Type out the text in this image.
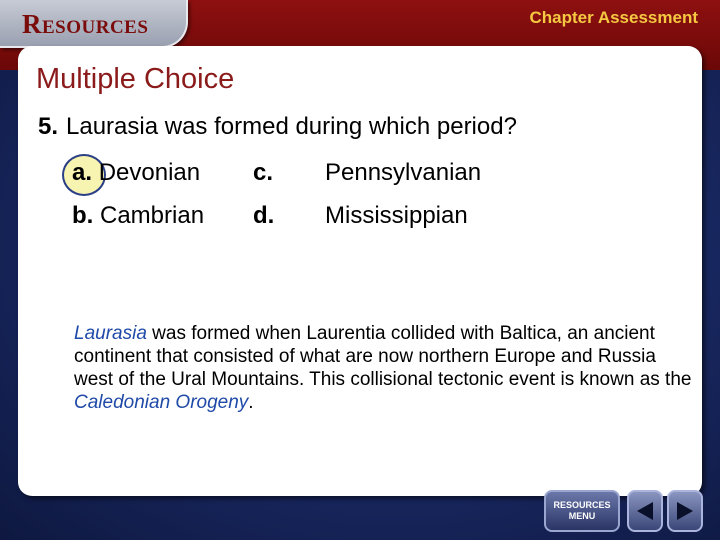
Resources	Chapter Assessment
Multiple Choice
5. Laurasia was formed during which period?
a. Devonian
b. Cambrian
c. Pennsylvanian
d. Mississippian
Laurasia was formed when Laurentia collided with Baltica, an ancient continent that consisted of what are now northern Europe and Russia west of the Ural Mountains. This collisional tectonic event is known as the Caledonian Orogeny.
RESOURCES
MENU
